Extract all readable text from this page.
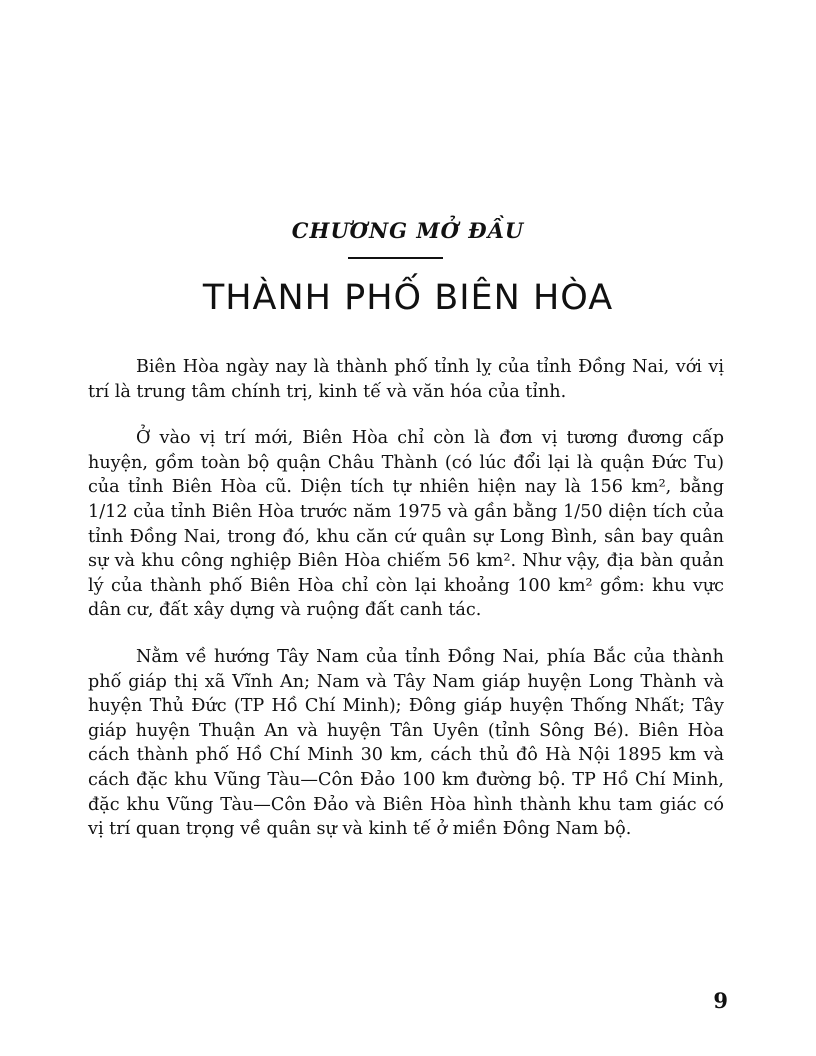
CHƯƠNG MỞ ĐẦU
THÀNH PHỐ BIÊN HÒA

Biên Hòa ngày nay là thành phố tỉnh lỵ của tỉnh Đồng Nai, với vị trí là trung tâm chính trị, kinh tế và văn hóa của tỉnh.

Ở vào vị trí mới, Biên Hòa chỉ còn là đơn vị tương đương cấp huyện, gồm toàn bộ quận Châu Thành (có lúc đổi lại là quận Đức Tu) của tỉnh Biên Hòa cũ. Diện tích tự nhiên hiện nay là 156 km², bằng 1/12 của tỉnh Biên Hòa trước năm 1975 và gần bằng 1/50 diện tích của tỉnh Đồng Nai, trong đó, khu căn cứ quân sự Long Bình, sân bay quân sự và khu công nghiệp Biên Hòa chiếm 56 km². Như vậy, địa bàn quản lý của thành phố Biên Hòa chỉ còn lại khoảng 100 km² gồm: khu vực dân cư, đất xây dựng và ruộng đất canh tác.

Nằm về hướng Tây Nam của tỉnh Đồng Nai, phía Bắc của thành phố giáp thị xã Vĩnh An; Nam và Tây Nam giáp huyện Long Thành và huyện Thủ Đức (TP Hồ Chí Minh); Đông giáp huyện Thống Nhất; Tây giáp huyện Thuận An và huyện Tân Uyên (tỉnh Sông Bé). Biên Hòa cách thành phố Hồ Chí Minh 30 km, cách thủ đô Hà Nội 1895 km và cách đặc khu Vũng Tàu—Côn Đảo 100 km đường bộ. TP Hồ Chí Minh, đặc khu Vũng Tàu—Côn Đảo và Biên Hòa hình thành khu tam giác có vị trí quan trọng về quân sự và kinh tế ở miền Đông Nam bộ.

9
